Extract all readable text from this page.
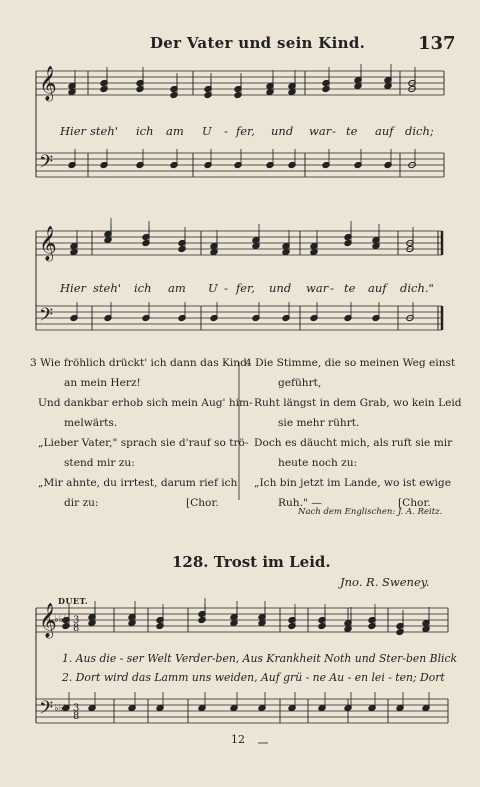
Der Vater und sein Kind.	137
𝄞
𝄢
𝄞
𝄢
𝄞
𝄢
♭♭♭ 3
8
♭♭♭ 3
8
Hier steh' ich am U - fer, und war - te auf dich;
Hier steh' ich am U - fer, und war - te auf dich."
3 Wie fröhlich drückt' ich dann das Kind
an mein Herz!
Und dankbar erhob sich mein Aug' him-
melwärts.
„Lieber Vater," sprach sie d'rauf so trö-
stend mir zu:
„Mir ahnte, du irrtest, darum rief ich
dir zu:	[Chor.
4 Die Stimme, die so meinen Weg einst
geführt,
Ruht längst in dem Grab, wo kein Leid
sie mehr rührt.
Doch es däucht mich, als ruft sie mir
heute noch zu:
„Ich bin jetzt im Lande, wo ist ewige
Ruh." —	[Chor.
Nach dem Englischen: J. A. Reitz.
128. Trost im Leid.
Jno. R. Sweney.
DUET.
1. Aus die - ser Welt Verder-ben, Aus Krankheit Noth und Ster-ben Blick
2. Dort wird das Lamm uns weiden, Auf grü - ne Au - en lei - ten; Dort
12
